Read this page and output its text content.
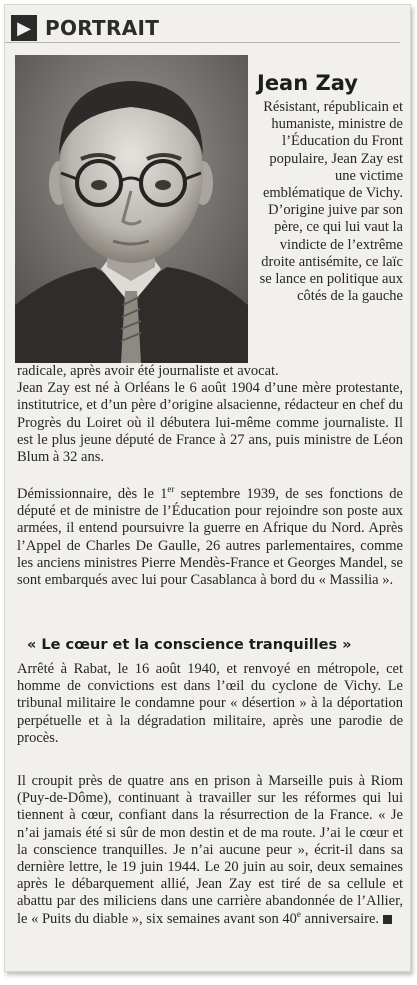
▶ PORTRAIT
Jean Zay

Résistant, républicain et humaniste, ministre de l’Éducation du Front populaire, Jean Zay est une victime emblématique de Vichy. D’origine juive par son père, ce qui lui vaut la vindicte de l’extrême droite antisémite, ce laïc se lance en politique aux côtés de la gauche

radicale, après avoir été journaliste et avocat.

Jean Zay est né à Orléans le 6 août 1904 d’une mère protestante, institutrice, et d’un père d’origine alsacienne, rédacteur en chef du Progrès du Loiret où il débutera lui-même comme journaliste. Il est le plus jeune député de France à 27 ans, puis ministre de Léon Blum à 32 ans.

Démissionnaire, dès le 1er septembre 1939, de ses fonctions de député et de ministre de l’Éducation pour rejoindre son poste aux armées, il entend poursuivre la guerre en Afrique du Nord. Après l’Appel de Charles De Gaulle, 26 autres parlementaires, comme les anciens ministres Pierre Mendès-France et Georges Mandel, se sont embarqués avec lui pour Casablanca à bord du « Massilia ».

« Le cœur et la conscience tranquilles »

Arrêté à Rabat, le 16 août 1940, et renvoyé en métropole, cet homme de convictions est dans l’œil du cyclone de Vichy. Le tribunal militaire le condamne pour « désertion » à la déportation perpétuelle et à la dégradation militaire, après une parodie de procès.

Il croupit près de quatre ans en prison à Marseille puis à Riom (Puy-de-Dôme), continuant à travailler sur les réformes qui lui tiennent à cœur, confiant dans la résurrection de la France. « Je n’ai jamais été si sûr de mon destin et de ma route. J’ai le cœur et la conscience tranquilles. Je n’ai aucune peur », écrit-il dans sa dernière lettre, le 19 juin 1944. Le 20 juin au soir, deux semaines après le débarquement allié, Jean Zay est tiré de sa cellule et abattu par des miliciens dans une carrière abandonnée de l’Allier, le « Puits du diable », six semaines avant son 40e anniversaire.
